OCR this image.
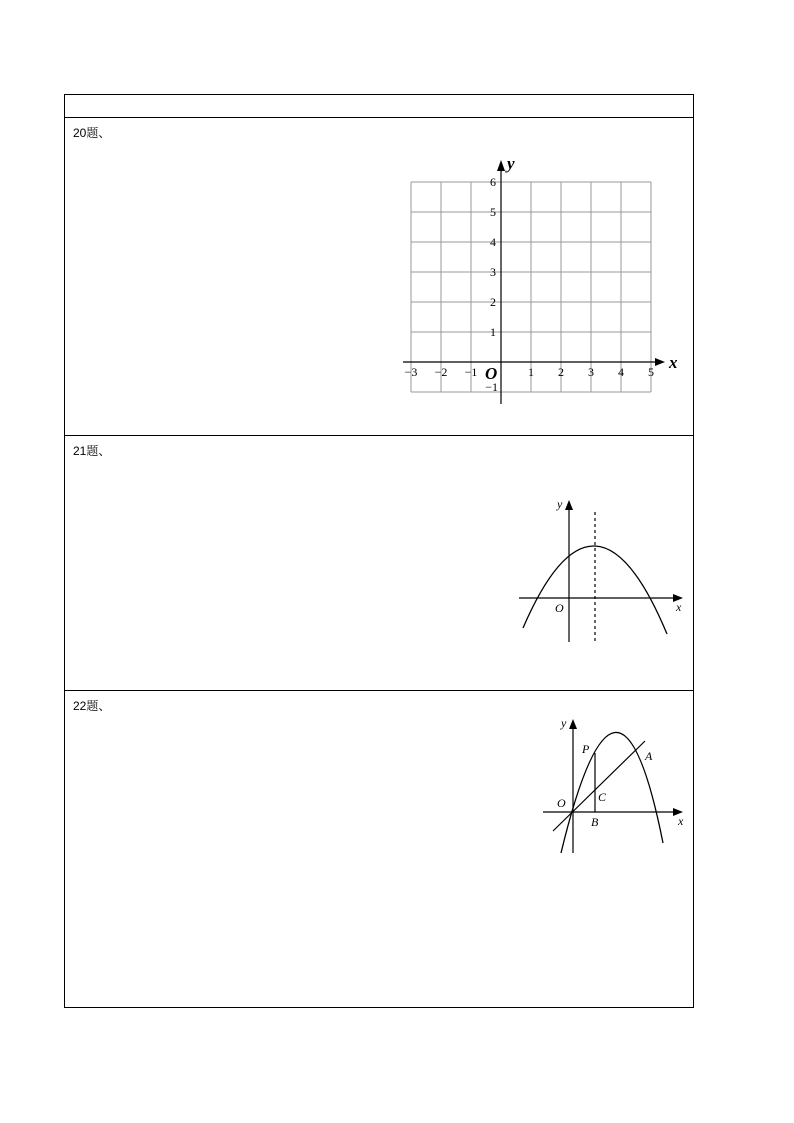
20题、
x
y
O
−3 −2 −1	1 2 3 4 5
6
5
4
3
2
1
−1
21题、
x
y
O
22题、
x
y
O
P	A
B
C
